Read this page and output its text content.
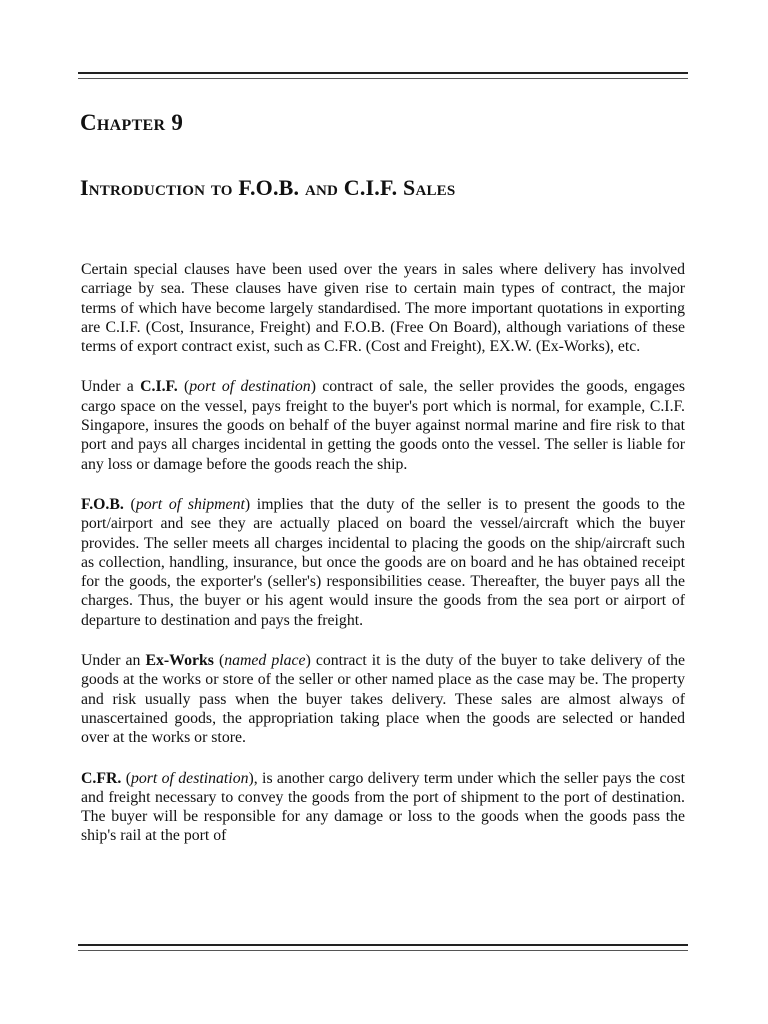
Chapter 9
Introduction to F.O.B. and C.I.F. Sales

Certain special clauses have been used over the years in sales where delivery has involved carriage by sea. These clauses have given rise to certain main types of contract, the major terms of which have become largely standardised. The more important quotations in exporting are C.I.F. (Cost, Insurance, Freight) and F.O.B. (Free On Board), although variations of these terms of export contract exist, such as C.FR. (Cost and Freight), EX.W. (Ex-Works), etc.

Under a C.I.F. (port of destination) contract of sale, the seller provides the goods, engages cargo space on the vessel, pays freight to the buyer's port which is normal, for example, C.I.F. Singapore, insures the goods on behalf of the buyer against normal marine and fire risk to that port and pays all charges incidental in getting the goods onto the vessel. The seller is liable for any loss or damage before the goods reach the ship.

F.O.B. (port of shipment) implies that the duty of the seller is to present the goods to the port/airport and see they are actually placed on board the vessel/aircraft which the buyer provides. The seller meets all charges incidental to placing the goods on the ship/aircraft such as collection, handling, insurance, but once the goods are on board and he has obtained receipt for the goods, the exporter's (seller's) responsibilities cease. Thereafter, the buyer pays all the charges. Thus, the buyer or his agent would insure the goods from the sea port or airport of departure to destination and pays the freight.

Under an Ex-Works (named place) contract it is the duty of the buyer to take delivery of the goods at the works or store of the seller or other named place as the case may be. The property and risk usually pass when the buyer takes delivery. These sales are almost always of unascertained goods, the appropriation taking place when the goods are selected or handed over at the works or store.

C.FR. (port of destination), is another cargo delivery term under which the seller pays the cost and freight necessary to convey the goods from the port of shipment to the port of destination. The buyer will be responsible for any damage or loss to the goods when the goods pass the ship's rail at the port of
